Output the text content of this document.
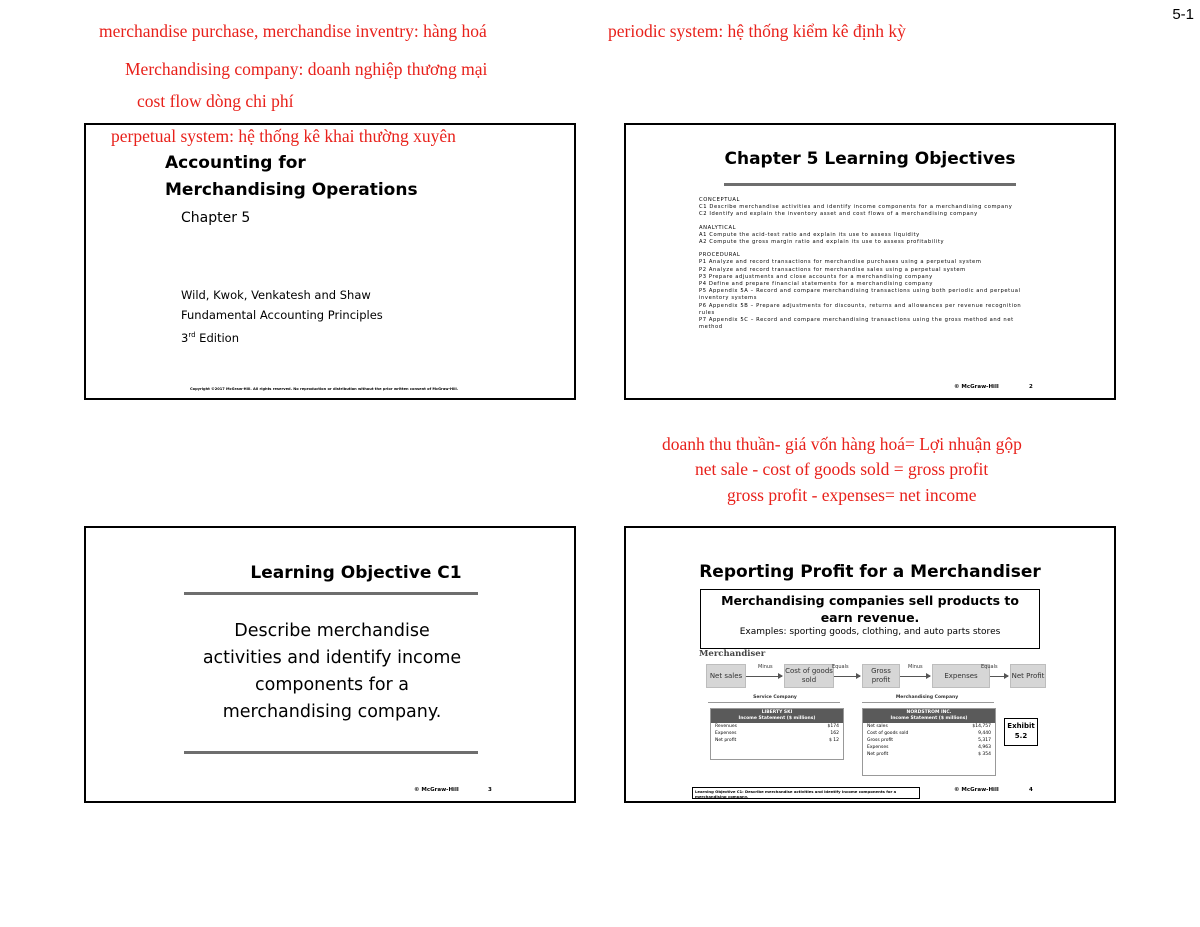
5-1
merchandise purchase, merchandise inventry: hàng hoá	periodic system: hệ thống kiểm kê định kỳ
Merchandising company: doanh nghiệp thương mại
cost flow dòng chi phí
doanh thu thuần- giá vốn hàng hoá= Lợi nhuận gộp
net sale - cost of goods sold = gross profit
gross profit - expenses= net income
Accounting for
Merchandising Operations
Chapter 5
Wild, Kwok, Venkatesh and Shaw
Fundamental Accounting Principles
3rd Edition
Copyright ©2017 McGraw-Hill. All rights reserved. No reproduction or distribution without the prior written consent of McGraw-Hill.
perpetual system: hệ thống kê khai thường xuyên
Chapter 5 Learning Objectives
CONCEPTUAL
C1 Describe merchandise activities and identify income components for a merchandising company
C2 Identify and explain the inventory asset and cost flows of a merchandising company
ANALYTICAL
A1 Compute the acid-test ratio and explain its use to assess liquidity
A2 Compute the gross margin ratio and explain its use to assess profitability
PROCEDURAL
P1 Analyze and record transactions for merchandise purchases using a perpetual system
P2 Analyze and record transactions for merchandise sales using a perpetual system
P3 Prepare adjustments and close accounts for a merchandising company
P4 Define and prepare financial statements for a merchandising company
P5 Appendix 5A – Record and compare merchandising transactions using both periodic and perpetual
inventory systems
P6 Appendix 5B – Prepare adjustments for discounts, returns and allowances per revenue recognition
rules
P7 Appendix 5C – Record and compare merchandising transactions using the gross method and net
method
© McGraw-Hill	2
Learning Objective C1
Describe merchandise
activities and identify income
components for a
merchandising company.
© McGraw-Hill	3
Reporting Profit for a Merchandiser
Merchandising companies sell products to
earn revenue.
Examples: sporting goods, clothing, and auto parts stores
Merchandiser
Net sales
Minus Cost of goods sold
Equals	Gross profit
Minus
Expenses
Equals
Net Profit
Service Company	Merchandising Company
LIBERTY SKI
Income Statement ($ millions)
Revenues	$174
Expenses	162
Net profit	$ 12
NORDSTROM INC.
Income Statement ($ millions)
Net sales	$14,757
Cost of goods sold	9,440
Gross profit	5,317
Expenses	4,963
Net profit	$ 354
Exhibit
5.2
Learning Objective C1: Describe merchandise activities and identify income components for a merchandising company.
© McGraw-Hill	4
